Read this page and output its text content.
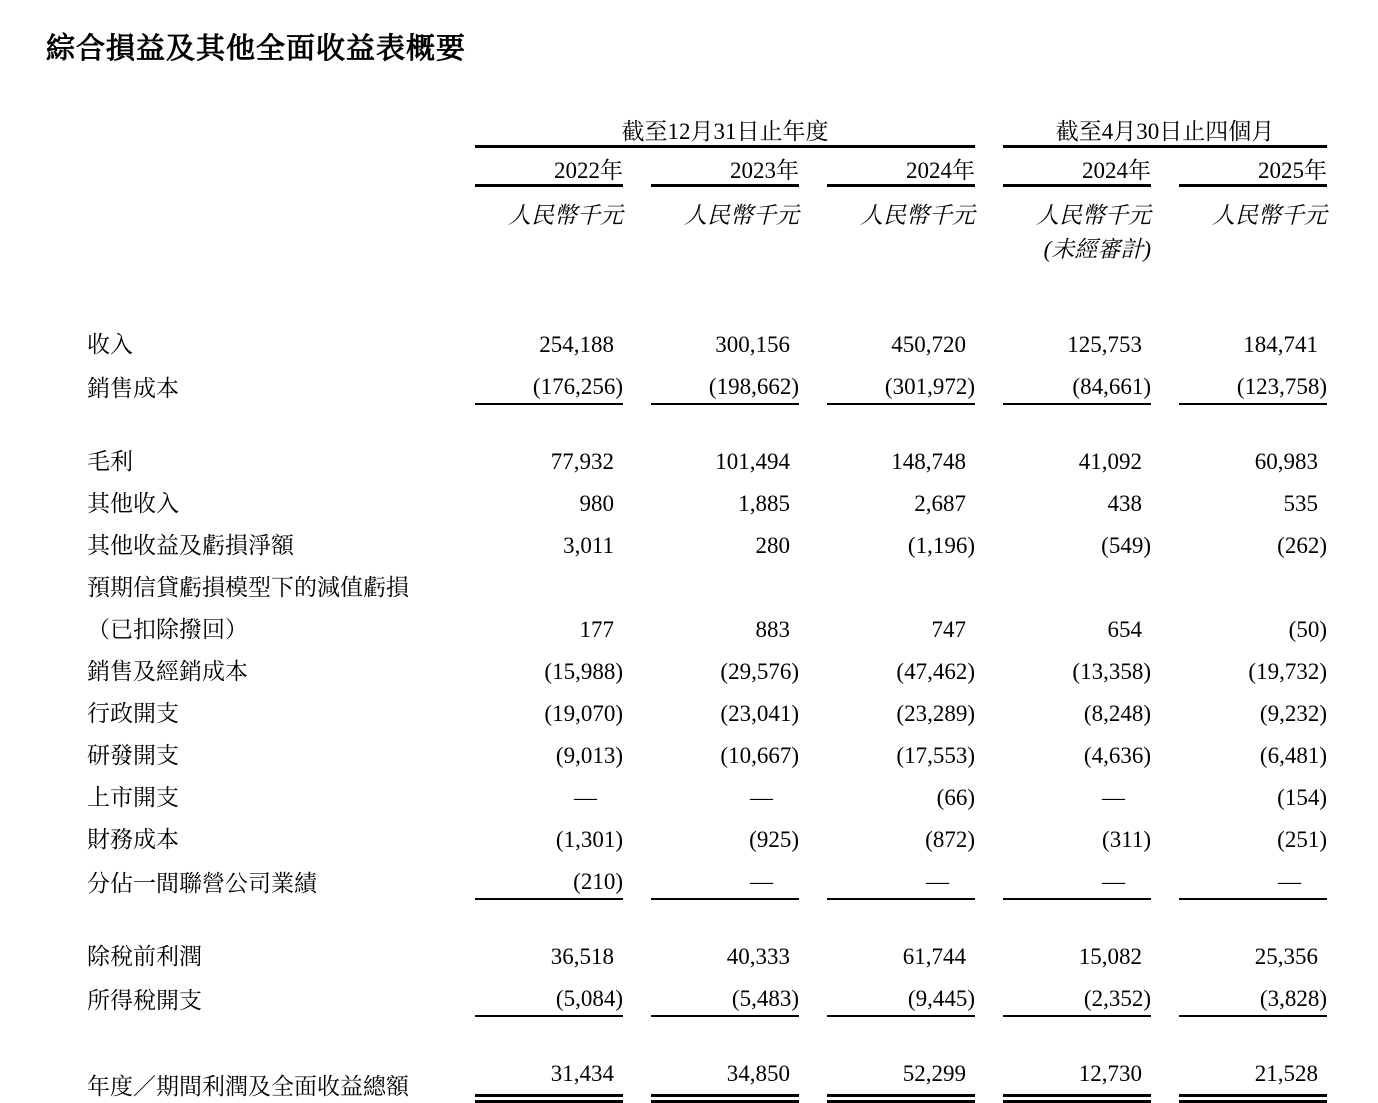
綜合損益及其他全面收益表概要
	截至12月31日止年度			截至4月30日止四個月	
	2022年	2023年	2024年	2024年	2025年
	人民幣千元	人民幣千元	人民幣千元	人民幣千元	人民幣千元
				(未經審計)	

收入	254,188	300,156	450,720	125,753	184,741
銷售成本	(176,256)	(198,662)	(301,972)	(84,661)	(123,758)

毛利	77,932	101,494	148,748	41,092	60,983
其他收入	980	1,885	2,687	438	535
其他收益及虧損淨額	3,011	280	(1,196)	(549)	(262)
預期信貸虧損模型下的減值虧損					
（已扣除撥回）	177	883	747	654	(50)
銷售及經銷成本	(15,988)	(29,576)	(47,462)	(13,358)	(19,732)
行政開支	(19,070)	(23,041)	(23,289)	(8,248)	(9,232)
研發開支	(9,013)	(10,667)	(17,553)	(4,636)	(6,481)
上市開支	—	—	(66)	—	(154)
財務成本	(1,301)	(925)	(872)	(311)	(251)
分佔一間聯營公司業績	(210)	—	—	—	—

除稅前利潤	36,518	40,333	61,744	15,082	25,356
所得稅開支	(5,084)	(5,483)	(9,445)	(2,352)	(3,828)

年度／期間利潤及全面收益總額	31,434	34,850	52,299	12,730	21,528
